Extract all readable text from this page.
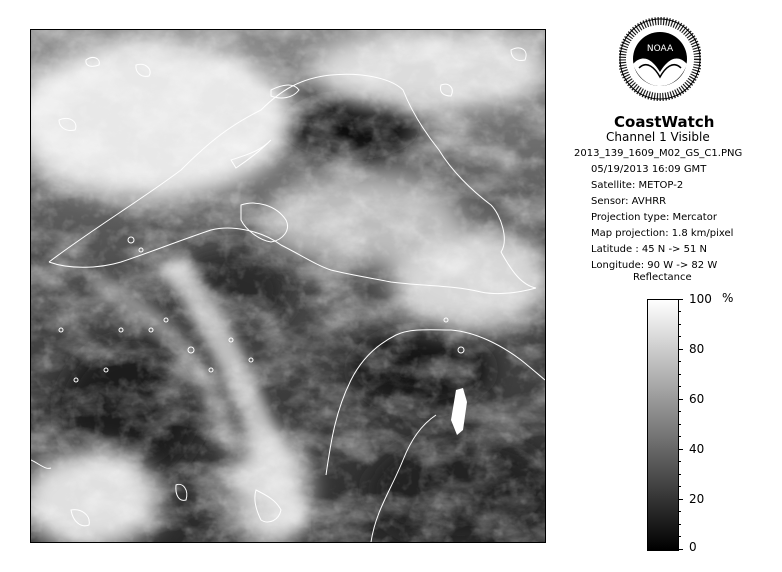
NOAA
CoastWatch
Channel 1 Visible
2013_139_1609_M02_GS_C1.PNG
05/19/2013 16:09 GMT
Satellite: METOP-2
Sensor: AVHRR
Projection type: Mercator
Map projection: 1.8 km/pixel
Latitude : 45 N -> 51 N
Longitude: 90 W -> 82 W
Reflectance
%
100
80
60
40
20
0
